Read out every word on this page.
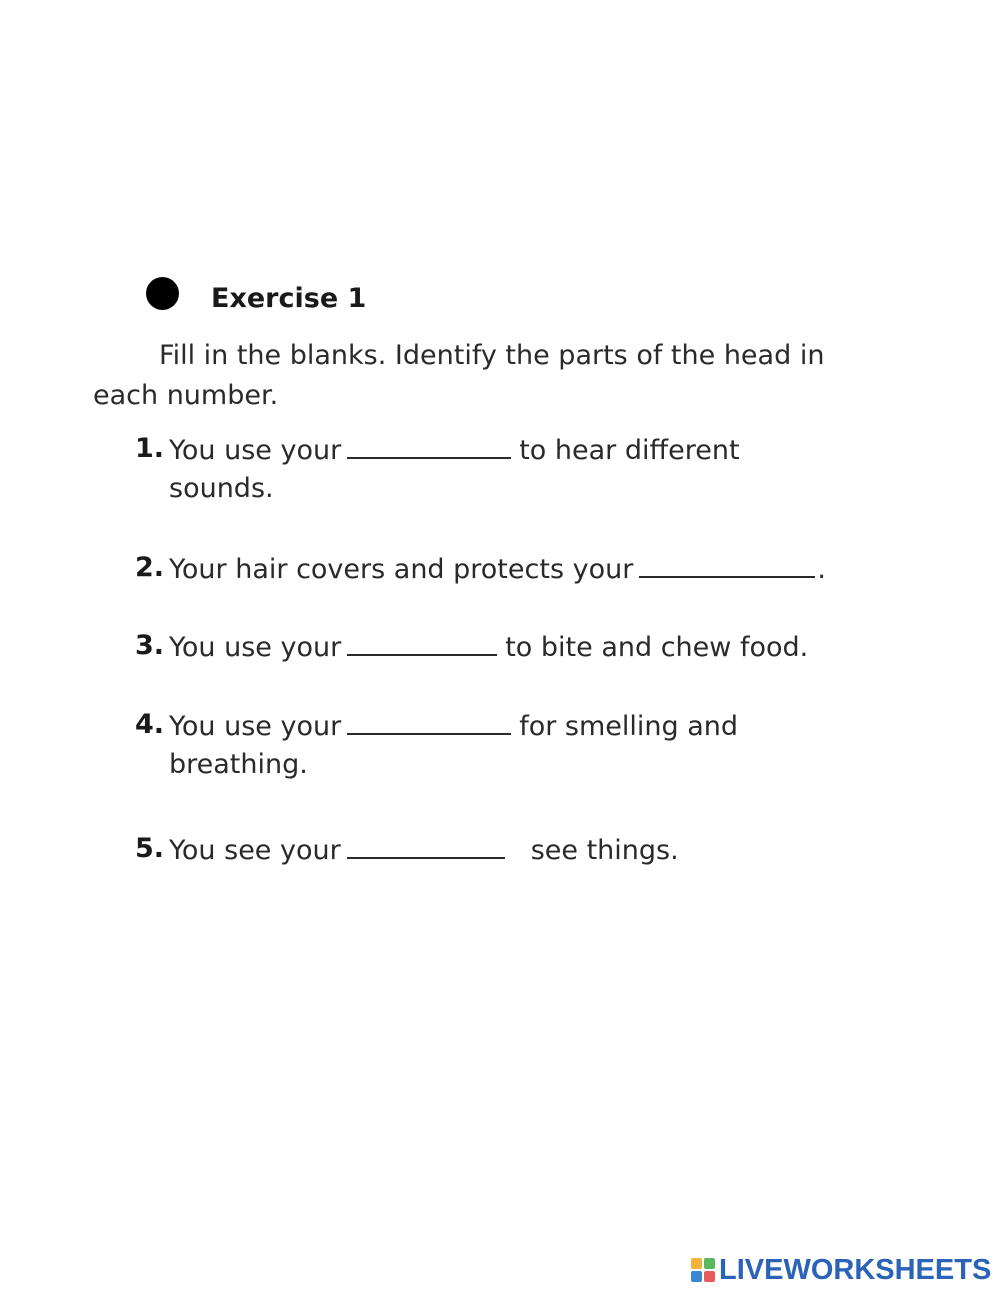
Exercise 1
Fill in the blanks. Identify the parts of the head in each number.
1. You use your	to hear different
sounds.
2. Your hair covers and protects your	.
3. You use your	to bite and chew food.
4. You use your	for smelling and
breathing.
5. You see your	see things.
LIVEWORKSHEETS
